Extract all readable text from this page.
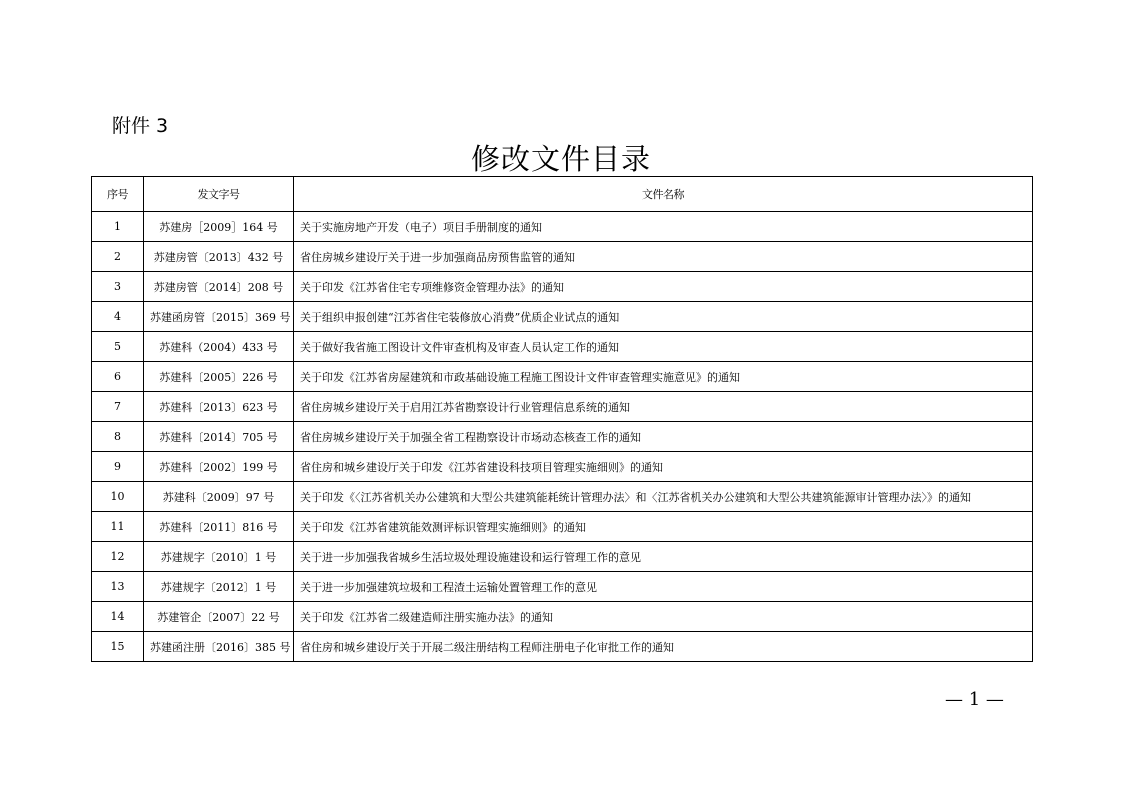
附件 3
修改文件目录
序号	发文字号	文件名称
1	苏建房［2009］164 号	关于实施房地产开发（电子）项目手册制度的通知
2	苏建房管〔2013〕432 号	省住房城乡建设厅关于进一步加强商品房预售监管的通知
3	苏建房管〔2014〕208 号	关于印发《江苏省住宅专项维修资金管理办法》的通知
4	苏建函房管〔2015〕369 号	关于组织申报创建“江苏省住宅装修放心消费”优质企业试点的通知
5	苏建科（2004）433 号	关于做好我省施工图设计文件审查机构及审查人员认定工作的通知
6	苏建科〔2005〕226 号	关于印发《江苏省房屋建筑和市政基础设施工程施工图设计文件审查管理实施意见》的通知
7	苏建科〔2013〕623 号	省住房城乡建设厅关于启用江苏省勘察设计行业管理信息系统的通知
8	苏建科〔2014〕705 号	省住房城乡建设厅关于加强全省工程勘察设计市场动态核查工作的通知
9	苏建科〔2002〕199 号	省住房和城乡建设厅关于印发《江苏省建设科技项目管理实施细则》的通知
10	苏建科〔2009〕97 号	关于印发《〈江苏省机关办公建筑和大型公共建筑能耗统计管理办法〉和〈江苏省机关办公建筑和大型公共建筑能源审计管理办法〉》的通知
11	苏建科〔2011〕816 号	关于印发《江苏省建筑能效测评标识管理实施细则》的通知
12	苏建规字〔2010〕1 号	关于进一步加强我省城乡生活垃圾处理设施建设和运行管理工作的意见
13	苏建规字〔2012〕1 号	关于进一步加强建筑垃圾和工程渣土运输处置管理工作的意见
14	苏建管企〔2007〕22 号	关于印发《江苏省二级建造师注册实施办法》的通知
15	苏建函注册〔2016〕385 号	省住房和城乡建设厅关于开展二级注册结构工程师注册电子化审批工作的通知
— 1 —
